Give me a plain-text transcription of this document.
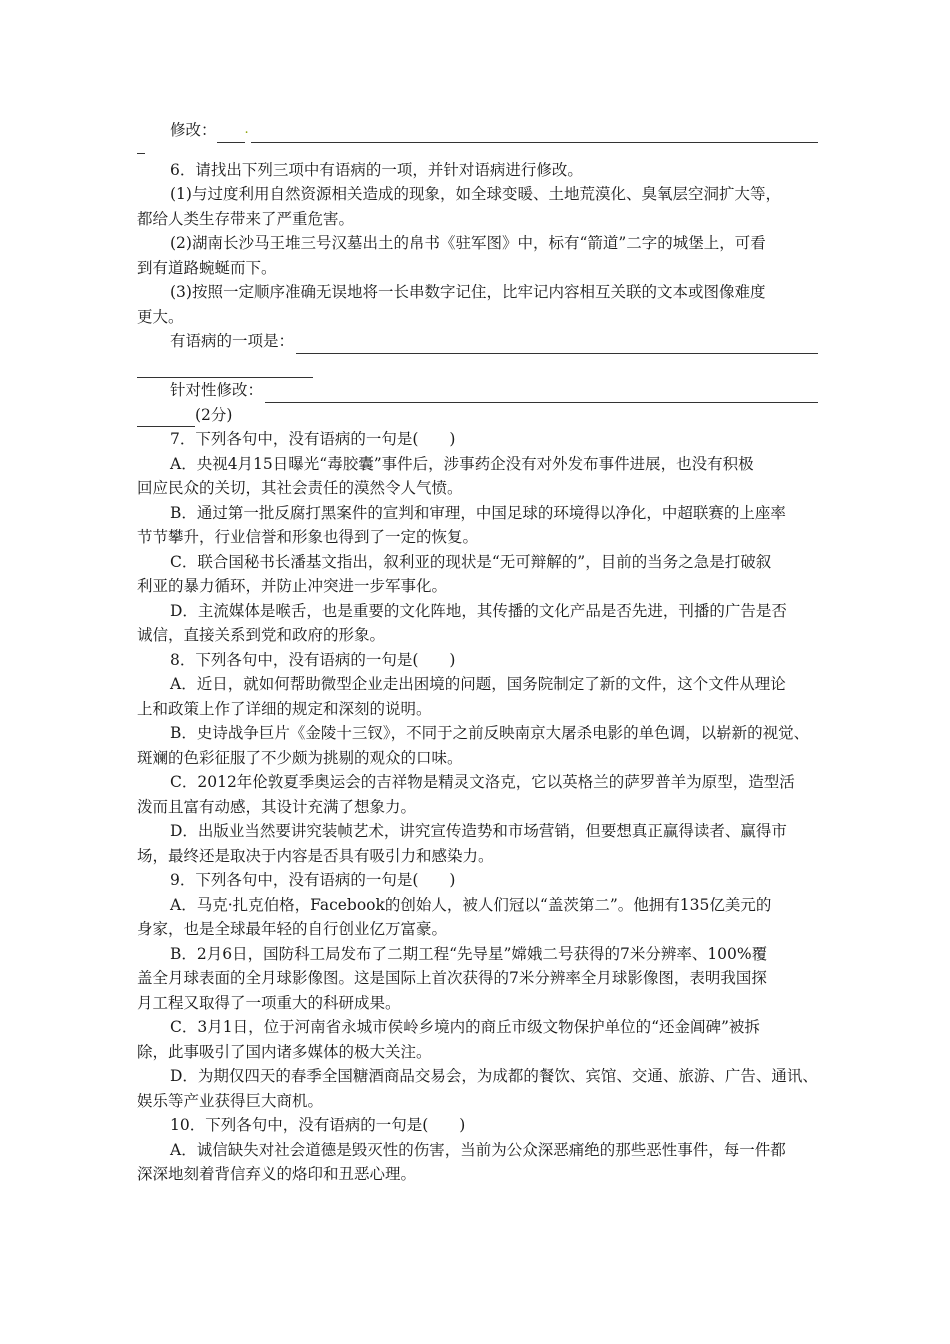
修改： .
6．请找出下列三项中有语病的一项，并针对语病进行修改。
(1)与过度利用自然资源相关造成的现象，如全球变暖、土地荒漠化、臭氧层空洞扩大等，
都给人类生存带来了严重危害。
(2)湖南长沙马王堆三号汉墓出土的帛书《驻军图》中，标有“箭道”二字的城堡上，可看
到有道路蜿蜒而下。
(3)按照一定顺序准确无误地将一长串数字记住，比牢记内容相互关联的文本或图像难度
更大。
有语病的一项是：
针对性修改：
(2分)
7．下列各句中，没有语病的一句是(　　)
A．央视4月15日曝光“毒胶囊”事件后，涉事药企没有对外发布事件进展，也没有积极
回应民众的关切，其社会责任的漠然令人气愤。
B．通过第一批反腐打黑案件的宣判和审理，中国足球的环境得以净化，中超联赛的上座率
节节攀升，行业信誉和形象也得到了一定的恢复。
C．联合国秘书长潘基文指出，叙利亚的现状是“无可辩解的”，目前的当务之急是打破叙
利亚的暴力循环，并防止冲突进一步军事化。
D．主流媒体是喉舌，也是重要的文化阵地，其传播的文化产品是否先进，刊播的广告是否
诚信，直接关系到党和政府的形象。
8．下列各句中，没有语病的一句是(　　)
A．近日，就如何帮助微型企业走出困境的问题，国务院制定了新的文件，这个文件从理论
上和政策上作了详细的规定和深刻的说明。
B．史诗战争巨片《金陵十三钗》，不同于之前反映南京大屠杀电影的单色调，以崭新的视觉、
斑斓的色彩征服了不少颇为挑剔的观众的口味。
C．2012年伦敦夏季奥运会的吉祥物是精灵文洛克，它以英格兰的萨罗普羊为原型，造型活
泼而且富有动感，其设计充满了想象力。
D．出版业当然要讲究装帧艺术，讲究宣传造势和市场营销，但要想真正赢得读者、赢得市
场，最终还是取决于内容是否具有吸引力和感染力。
9．下列各句中，没有语病的一句是(　　)
A．马克·扎克伯格，Facebook的创始人，被人们冠以“盖茨第二”。他拥有135亿美元的
身家，也是全球最年轻的自行创业亿万富豪。
B．2月6日，国防科工局发布了二期工程“先导星”嫦娥二号获得的7米分辨率、100%覆
盖全月球表面的全月球影像图。这是国际上首次获得的7米分辨率全月球影像图，表明我国探
月工程又取得了一项重大的科研成果。
C．3月1日，位于河南省永城市侯岭乡境内的商丘市级文物保护单位的“还金阊碑”被拆
除，此事吸引了国内诸多媒体的极大关注。
D．为期仅四天的春季全国糖酒商品交易会，为成都的餐饮、宾馆、交通、旅游、广告、通讯、
娱乐等产业获得巨大商机。
10．下列各句中，没有语病的一句是(　　)
A．诚信缺失对社会道德是毁灭性的伤害，当前为公众深恶痛绝的那些恶性事件，每一件都
深深地刻着背信弃义的烙印和丑恶心理。
